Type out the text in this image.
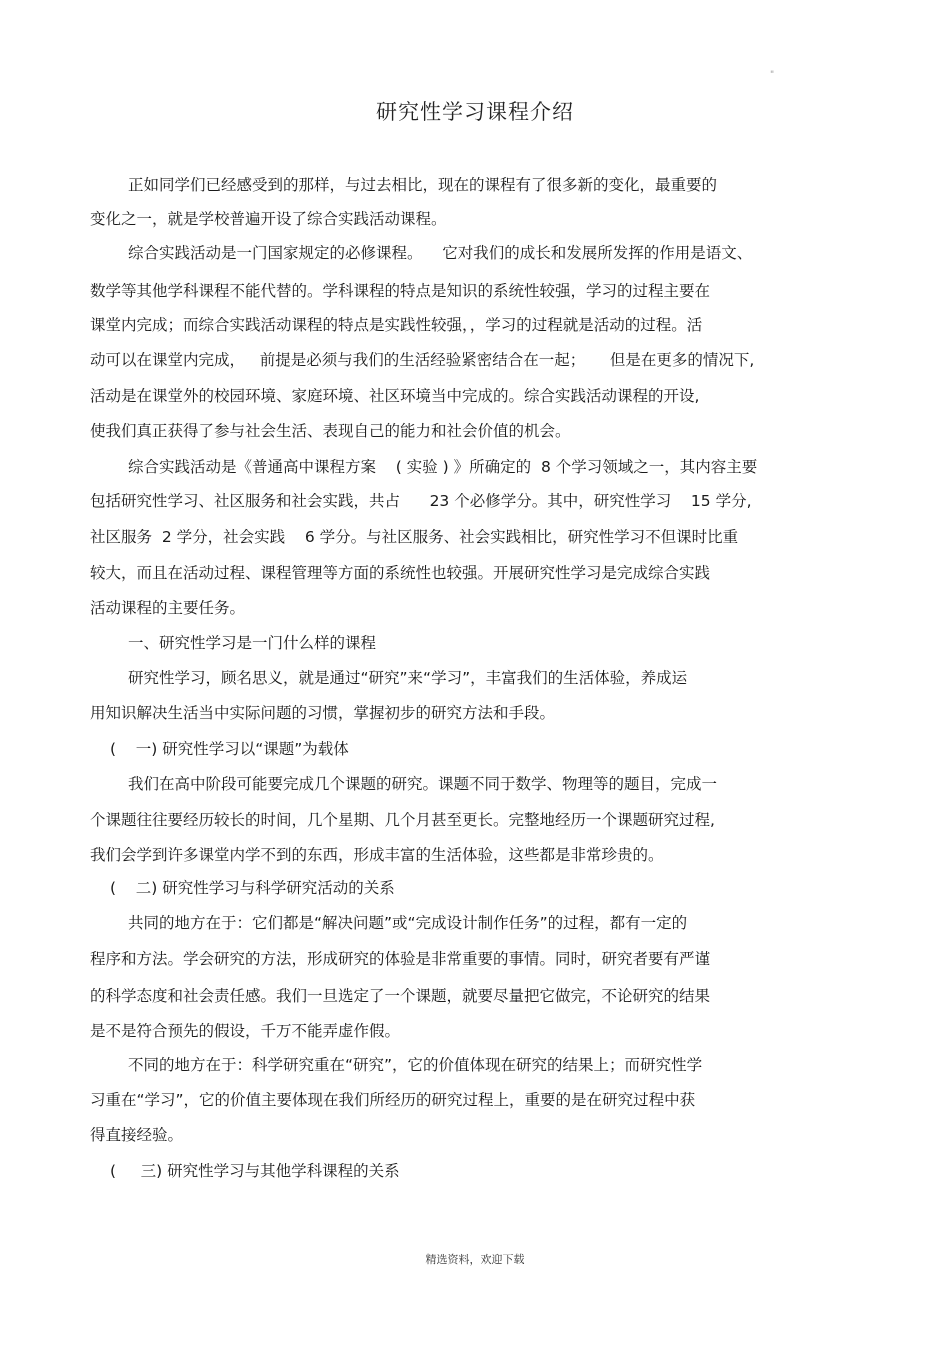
"
研究性学习课程介绍
正如同学们已经感受到的那样，与过去相比，现在的课程有了很多新的变化，最重要的
变化之一，就是学校普遍开设了综合实践活动课程。
综合实践活动是一门国家规定的必修课程。    它对我们的成长和发展所发挥的作用是语文、
数学等其他学科课程不能代替的。学科课程的特点是知识的系统性较强，学习的过程主要在
课堂内完成；而综合实践活动课程的特点是实践性较强，，学习的过程就是活动的过程。活
动可以在课堂内完成，   前提是必须与我们的生活经验紧密结合在一起；     但是在更多的情况下,
活动是在课堂外的校园环境、家庭环境、社区环境当中完成的。综合实践活动课程的开设,
使我们真正获得了参与社会生活、表现自己的能力和社会价值的机会。
综合实践活动是《普通高中课程方案    ( 实验 ) 》所确定的  8 个学习领域之一，其内容主要
包括研究性学习、社区服务和社会实践，共占      23 个必修学分。其中，研究性学习    15 学分,
社区服务  2 学分，社会实践    6 学分。与社区服务、社会实践相比，研究性学习不但课时比重
较大，而且在活动过程、课程管理等方面的系统性也较强。开展研究性学习是完成综合实践
活动课程的主要任务。
一、研究性学习是一门什么样的课程
研究性学习，顾名思义，就是通过“研究”来“学习”，丰富我们的生活体验，养成运
用知识解决生活当中实际问题的习惯，掌握初步的研究方法和手段。
(    一) 研究性学习以“课题”为载体
我们在高中阶段可能要完成几个课题的研究。课题不同于数学、物理等的题目，完成一
个课题往往要经历较长的时间，几个星期、几个月甚至更长。完整地经历一个课题研究过程,
我们会学到许多课堂内学不到的东西，形成丰富的生活体验，这些都是非常珍贵的。
(    二) 研究性学习与科学研究活动的关系
共同的地方在于：它们都是“解决问题”或“完成设计制作任务”的过程，都有一定的
程序和方法。学会研究的方法，形成研究的体验是非常重要的事情。同时，研究者要有严谨
的科学态度和社会责任感。我们一旦选定了一个课题，就要尽量把它做完，不论研究的结果
是不是符合预先的假设，千万不能弄虚作假。
不同的地方在于：科学研究重在“研究”，它的价值体现在研究的结果上；而研究性学
习重在“学习”，它的价值主要体现在我们所经历的研究过程上，重要的是在研究过程中获
得直接经验。
(     三) 研究性学习与其他学科课程的关系
精选资料，欢迎下载
